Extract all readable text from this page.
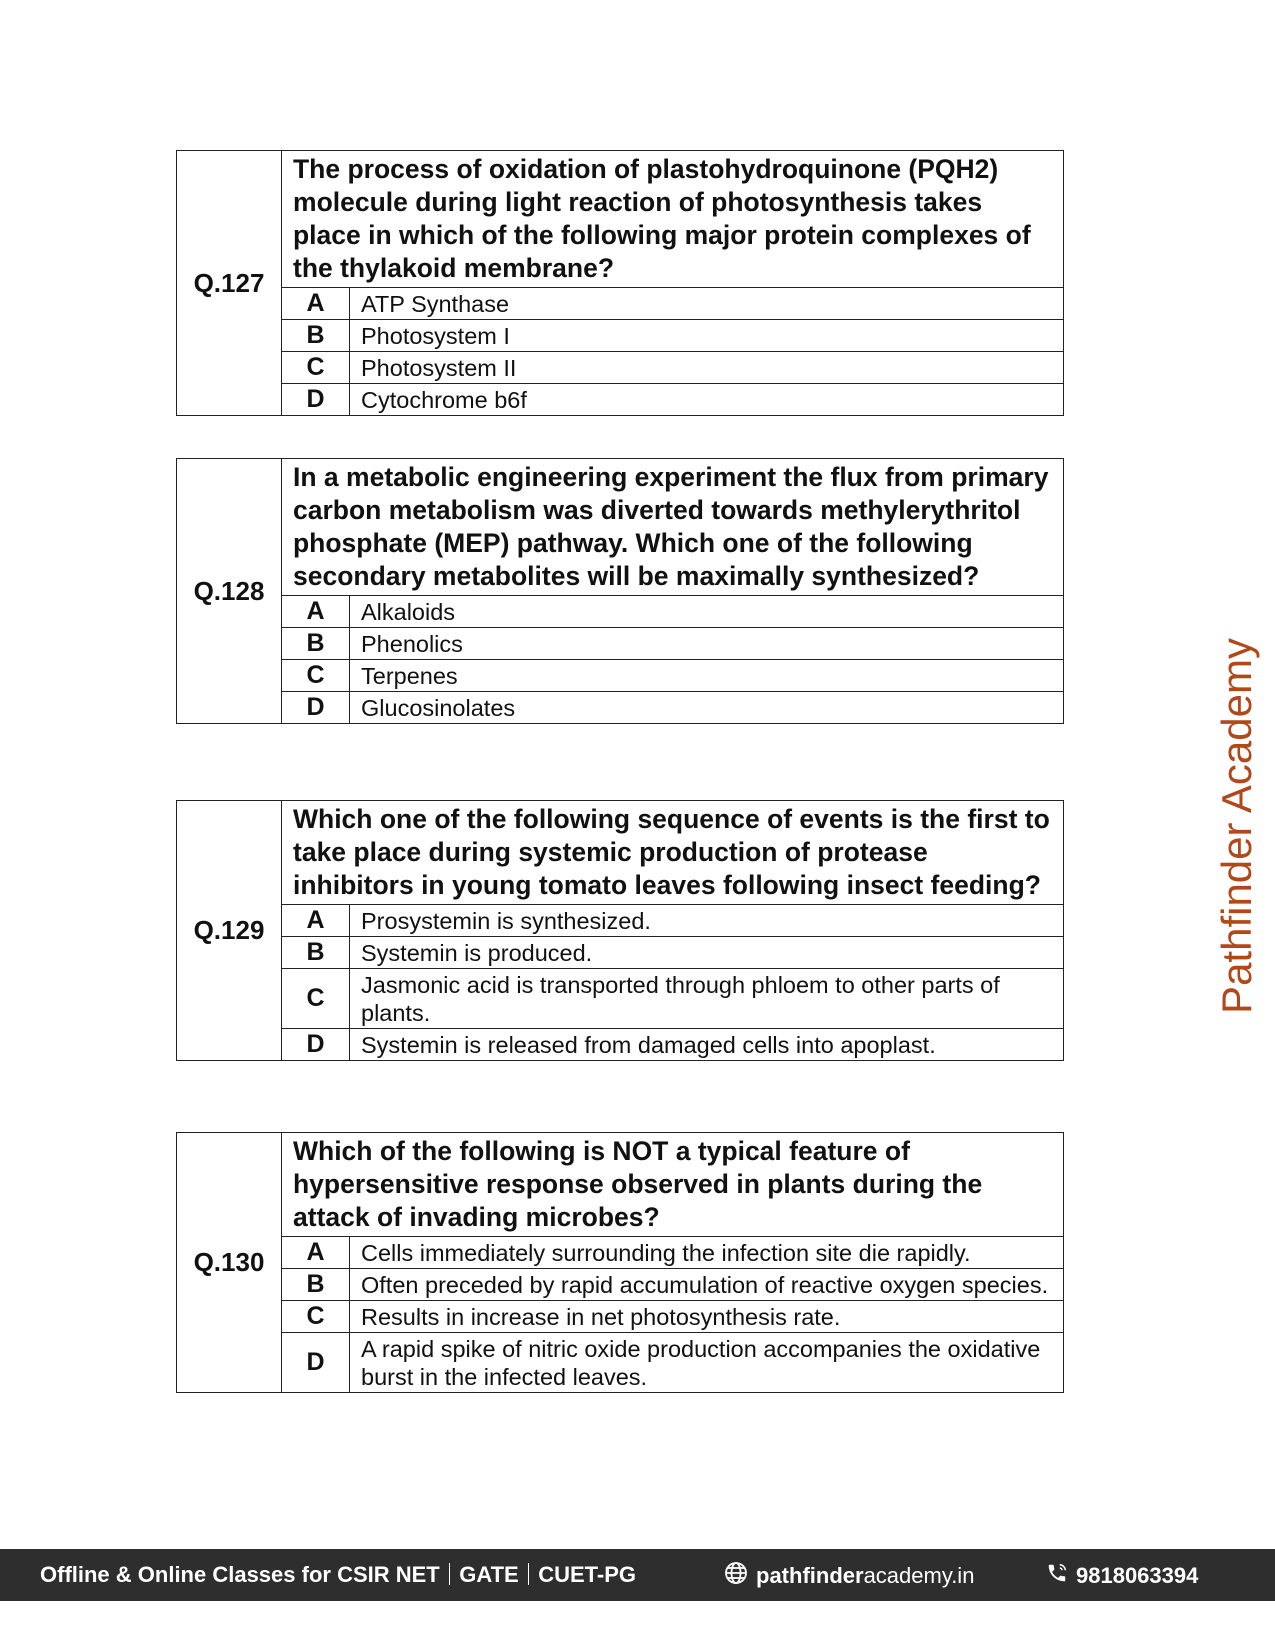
Q.127
The process of oxidation of plastohydroquinone (PQH2) molecule during light reaction of photosynthesis takes place in which of the following major protein complexes of the thylakoid membrane?
A	ATP Synthase
B	Photosystem I
C	Photosystem II
D	Cytochrome b6f
Q.128
In a metabolic engineering experiment the flux from primary carbon metabolism was diverted towards methylerythritol phosphate (MEP) pathway. Which one of the following secondary metabolites will be maximally synthesized?
A	Alkaloids
B	Phenolics
C	Terpenes
D	Glucosinolates
Q.129
Which one of the following sequence of events is the first to take place during systemic production of protease inhibitors in young tomato leaves following insect feeding?
A	Prosystemin is synthesized.
B	Systemin is produced.
C	Jasmonic acid is transported through phloem to other parts of plants.
D	Systemin is released from damaged cells into apoplast.
Q.130
Which of the following is NOT a typical feature of hypersensitive response observed in plants during the attack of invading microbes?
A	Cells immediately surrounding the infection site die rapidly.
B	Often preceded by rapid accumulation of reactive oxygen species.
C	Results in increase in net photosynthesis rate.
D	A rapid spike of nitric oxide production accompanies the oxidative burst in the infected leaves.
Pathfinder Academy
Offline & Online Classes for CSIR NET GATE CUET-PG	pathfinder academy.in	9818063394
